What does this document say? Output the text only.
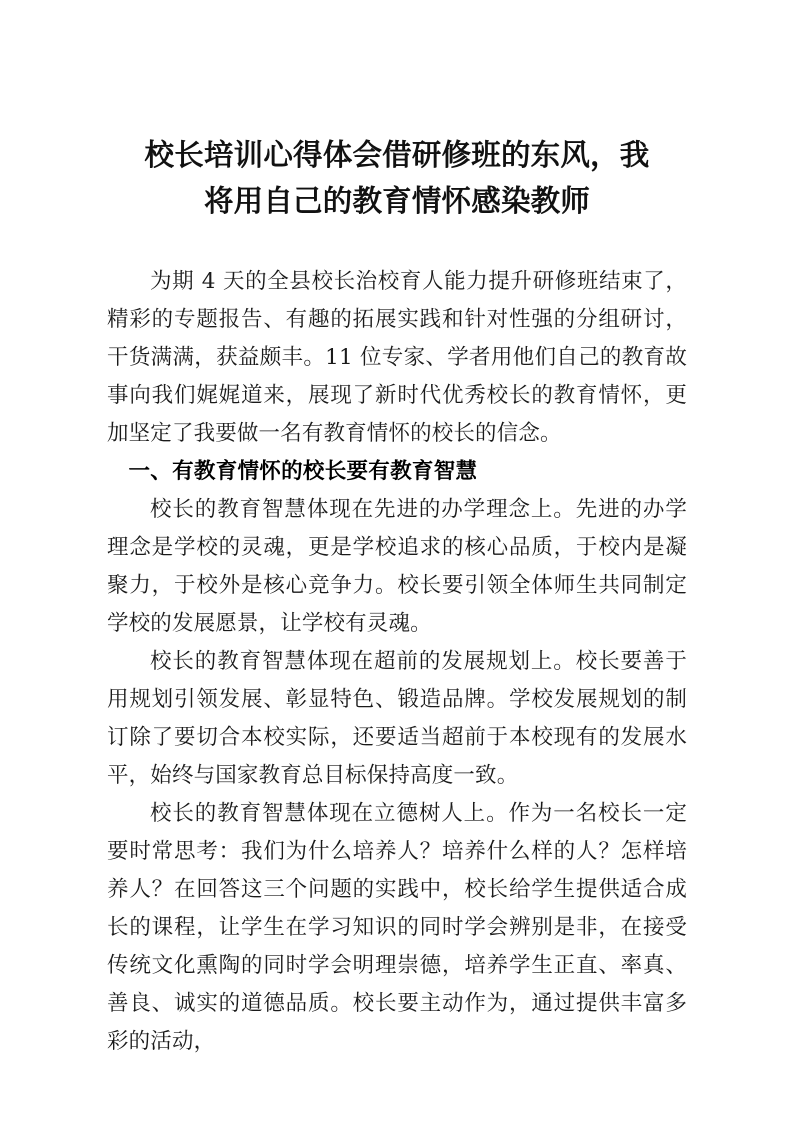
校长培训心得体会借研修班的东风，我
将用自己的教育情怀感染教师

为期 4 天的全县校长治校育人能力提升研修班结束了，精彩的专题报告、有趣的拓展实践和针对性强的分组研讨，干货满满，获益颇丰。11 位专家、学者用他们自己的教育故事向我们娓娓道来，展现了新时代优秀校长的教育情怀，更加坚定了我要做一名有教育情怀的校长的信念。

一、有教育情怀的校长要有教育智慧

校长的教育智慧体现在先进的办学理念上。先进的办学理念是学校的灵魂，更是学校追求的核心品质，于校内是凝聚力，于校外是核心竞争力。校长要引领全体师生共同制定学校的发展愿景，让学校有灵魂。

校长的教育智慧体现在超前的发展规划上。校长要善于用规划引领发展、彰显特色、锻造品牌。学校发展规划的制订除了要切合本校实际，还要适当超前于本校现有的发展水平，始终与国家教育总目标保持高度一致。

校长的教育智慧体现在立德树人上。作为一名校长一定要时常思考：我们为什么培养人？培养什么样的人？怎样培养人？在回答这三个问题的实践中，校长给学生提供适合成长的课程，让学生在学习知识的同时学会辨别是非，在接受传统文化熏陶的同时学会明理崇德，培养学生正直、率真、善良、诚实的道德品质。校长要主动作为，通过提供丰富多彩的活动，
